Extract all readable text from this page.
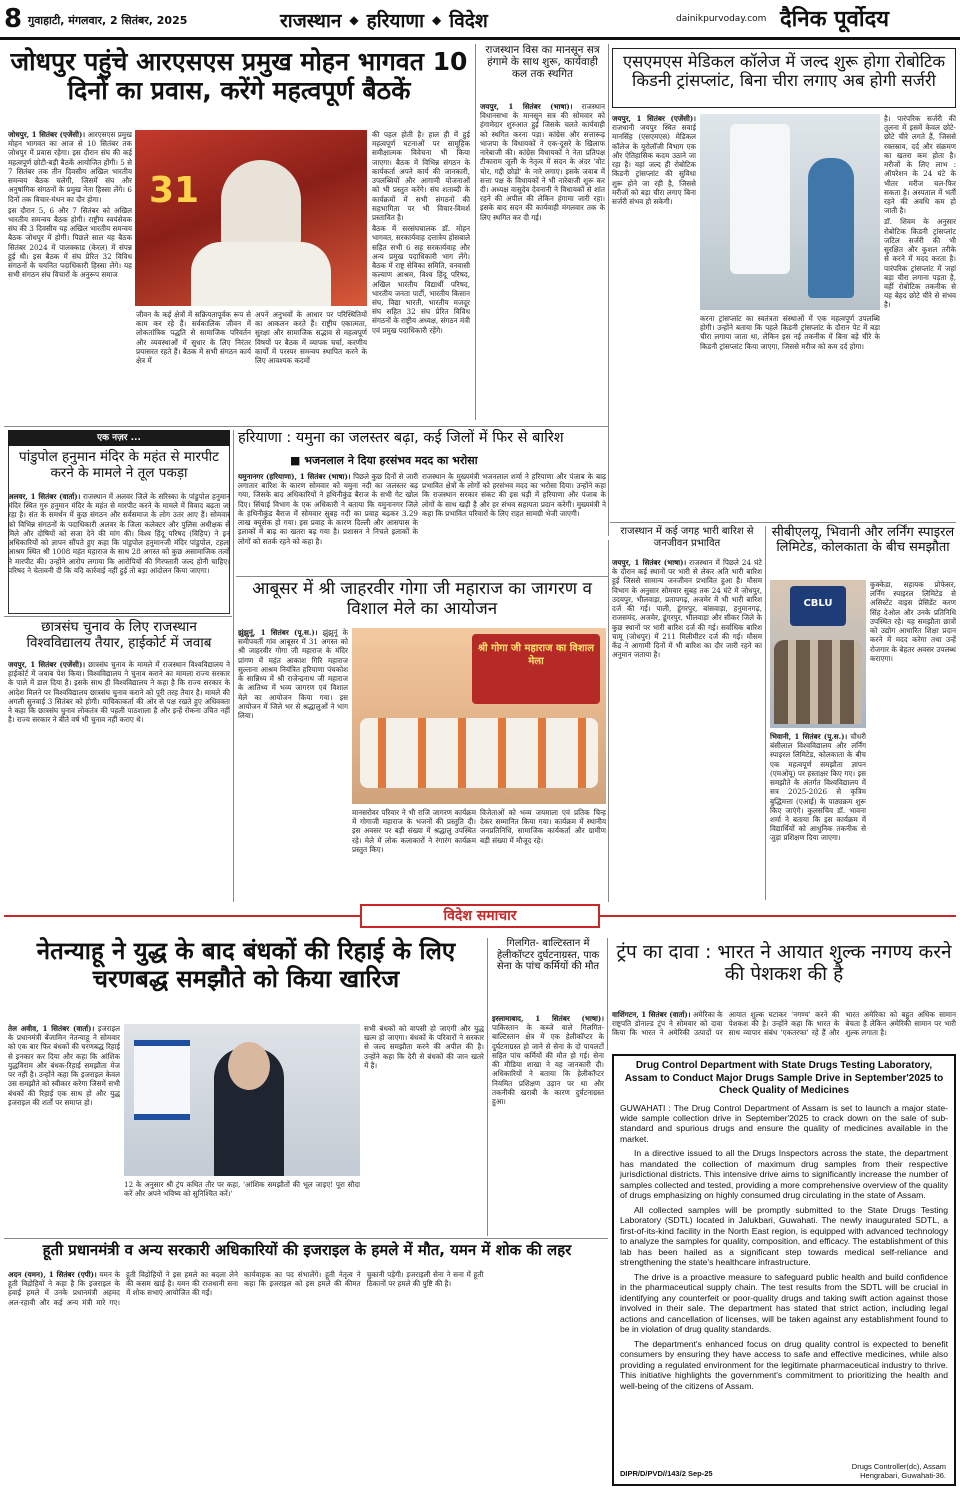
8 गुवाहाटी, मंगलवार, 2 सितंबर, 2025	राजस्थान ◆ हरियाणा ◆ विदेश	dainikpurvoday.com दैनिक पूर्वोदय
जोधपुर पहुंचे आरएसएस प्रमुख मोहन भागवत 10 दिनों का प्रवास, करेंगे महत्वपूर्ण बैठकें
31

जोधपुर, 1 सितंबर (एजेंसी)। आरएसएस प्रमुख मोहन भागवत का आज से 10 सितंबर तक जोधपुर में प्रवास रहेगा। इस दौरान संघ की कई महत्वपूर्ण छोटी-बड़ी बैठकें आयोजित होंगी। 5 से 7 सितंबर तक तीन दिवसीय अखिल भारतीय समन्वय बैठक चलेगी, जिसमें संघ और अनुषांगिक संगठनों के प्रमुख नेता हिस्सा लेंगे। 6 दिनों तक विचार-मंथन का दौर होगा।

इस दौरान 5, 6 और 7 सितंबर को अखिल भारतीय समन्वय बैठक होगी। राष्ट्रीय स्वयंसेवक संघ की 3 दिवसीय यह अखिल भारतीय समन्वय बैठक जोधपुर में होगी। पिछले साल यह बैठक सितंबर 2024 में पालक्काड (केरल) में संपन्न हुई थी। इस बैठक में संघ प्रेरित 32 विविध संगठनों के चयनित पदाधिकारी हिस्सा लेंगे। यह सभी संगठन संघ विचारों के अनुरूप समाज

जीवन के कई क्षेत्रों में सक्रियतापूर्वक रूप से काम कर रहे हैं। सर्वकालिक जीवन में लोकतांत्रिक पद्धति से सामाजिक परिवर्तन और व्यवस्थाओं में सुधार के लिए निरंतर प्रयासरत रहते हैं। बैठक में सभी संगठन कार्य क्षेत्र में

अपने अनुभवों के आधार पर परिस्थितियों का आकलन करते हैं। राष्ट्रीय एकात्मता, सुरक्षा और सामाजिक सद्भाव से महत्वपूर्ण विषयों पर बैठक में व्यापक चर्चा, करणीय कार्यों में परस्पर समन्वय स्थापित करने के लिए आवश्यक कदमों

की पहल होती है। हाल ही में हुई महत्वपूर्ण घटनाओं पर सामूहिक समीक्षात्मक विवेचना भी किया जाएगा। बैठक में विभिन्न संगठन के कार्यकर्ता अपने कार्य की जानकारी, उपलब्धियों और आगामी योजनाओं को भी प्रस्तुत करेंगे। संघ शताब्दी के कार्यक्रमों में सभी संगठनों की सहभागिता पर भी विचार-विमर्श प्रस्तावित है।

बैठक में सरसंघचालक डॉ. मोहन भागवत, सरकार्यवाह दत्तात्रेय होसबाले सहित सभी 6 सह सरकार्यवाह और अन्य प्रमुख पदाधिकारी भाग लेंगे। बैठक में राष्ट्र सेविका समिति, वनवासी कल्याण आश्रम, विश्व हिंदू परिषद, अखिल भारतीय विद्यार्थी परिषद, भारतीय जनता पार्टी, भारतीय किसान संघ, विद्या भारती, भारतीय मजदूर संघ सहित 32 संघ प्रेरित विविध संगठनों के राष्ट्रीय अध्यक्ष, संगठन मंत्री एवं प्रमुख पदाधिकारी रहेंगे।

राजस्थान विस का मानसून सत्र हंगामे के साथ शुरू, कार्यवाही कल तक स्थगित

जयपुर, 1 सितंबर (भाषा)। राजस्थान विधानसभा के मानसून सत्र की सोमवार को हंगामेदार शुरुआत हुई जिसके चलते कार्यवाही को स्थगित करना पड़ा। कांग्रेस और सत्तारूढ़ भाजपा के विधायकों ने एक-दूसरे के खिलाफ नारेबाजी की। कांग्रेस विधायकों ने नेता प्रतिपक्ष टीकाराम जूली के नेतृत्व में सदन के अंदर 'वोट चोर, गद्दी छोड़ो' के नारे लगाए। इसके जवाब में सत्ता पक्ष के विधायकों ने भी नारेबाजी शुरू कर दी। अध्यक्ष वासुदेव देवनानी ने विधायकों से शांत रहने की अपील की लेकिन हंगामा जारी रहा। इसके बाद सदन की कार्यवाही मंगलवार तक के लिए स्थगित कर दी गई।

एसएमएस मेडिकल कॉलेज में जल्द शुरू होगा रोबोटिक किडनी ट्रांसप्लांट, बिना चीरा लगाए अब होगी सर्जरी

जयपुर, 1 सितंबर (एजेंसी)। राजधानी जयपुर स्थित सवाई मानसिंह (एसएमएस) मेडिकल कॉलेज के यूरोलॉजी विभाग एक और ऐतिहासिक कदम उठाने जा रहा है। यहां जल्द ही रोबोटिक किडनी ट्रांसप्लांट की सुविधा शुरू होने जा रही है, जिससे मरीजों को बड़ा चीरा लगाए बिना सर्जरी संभव हो सकेगी।

करना ट्रांसप्लांट का स्वतंत्रता संस्थाओं में एक महत्वपूर्ण उपलब्धि होगी। उन्होंने बताया कि पहले किडनी ट्रांसप्लांट के दौरान पेट में बड़ा चीरा लगाया जाता था, लेकिन इस नई तकनीक में बिना बड़े चीरे के किडनी ट्रांसप्लांट किया जाएगा, जिससे मरीज को कम दर्द होगा।

है। पारंपरिक सर्जरी की तुलना में इसमें केवल छोटे-छोटे चीरे लगते हैं, जिससे रक्तस्राव, दर्द और संक्रमण का खतरा कम होता है। मरीजों के लिए लाभ : ऑपरेशन के 24 घंटे के भीतर मरीज चल-फिर सकता है। अस्पताल में भर्ती रहने की अवधि कम हो जाती है।

डॉ. शिवम के अनुसार रोबोटिक किडनी ट्रांसप्लांट जटिल सर्जरी की भी सुरक्षित और कुशल तरीके से करने में मदद करता है। पारंपरिक ट्रांसप्लांट में जहां बड़ा चीरा लगाना पड़ता है, वहीं रोबोटिक तकनीक से यह बेहद छोटे चीरे से संभव है।

एक नज़र ...
पांडुपोल हनुमान मंदिर के महंत से मारपीट करने के मामले ने तूल पकड़ा

अलवर, 1 सितंबर (वार्ता)। राजस्थान में अलवर जिले के सरिस्का के पांडुपोल हनुमान मंदिर स्थित गुरु हनुमान मंदिर के महंत से मारपीट करने के मामले में विवाद बढ़ता जा रहा है। संत के समर्थन में कुछ संगठन और सर्वसमाज के लोग उतर आए हैं। सोमवार को विभिन्न संगठनों के पदाधिकारी अलवर के जिला कलेक्टर और पुलिस अधीक्षक से मिले और दोषियों को सजा देने की मांग की। विश्व हिंदू परिषद (विहिप) ने इन अधिकारियों को ज्ञापन सौंपते हुए कहा कि पांडुपोल हनुमानजी मंदिर पांडुपोल, टहला आश्रम स्थित श्री 1008 महंत महाराज के साथ 28 अगस्त को कुछ असामाजिक तत्वों ने मारपीट की। उन्होंने आरोप लगाया कि आरोपियों की गिरफ्तारी जल्द होनी चाहिए। परिषद ने चेतावनी दी कि यदि कार्रवाई नहीं हुई तो बड़ा आंदोलन किया जाएगा।

छात्रसंघ चुनाव के लिए राजस्थान विश्वविद्यालय तैयार, हाईकोर्ट में जवाब

जयपुर, 1 सितंबर (एजेंसी)। छात्रसंघ चुनाव के मामले में राजस्थान विश्वविद्यालय ने हाईकोर्ट में जवाब पेश किया। विश्वविद्यालय ने चुनाव कराने का मामला राज्य सरकार के पाले में डाल दिया है। इसके साथ ही विश्वविद्यालय ने कहा है कि राज्य सरकार के आदेश मिलने पर विश्वविद्यालय छात्रसंघ चुनाव कराने को पूरी तरह तैयार है। मामले की अगली सुनवाई 3 सितंबर को होगी। याचिकाकर्ता की ओर से पक्ष रखते हुए अधिवक्ता ने कहा कि छात्रसंघ चुनाव लोकतंत्र की पहली पाठशाला है और इन्हें रोकना उचित नहीं है। राज्य सरकार ने बीते वर्ष भी चुनाव नहीं कराए थे।

हरियाणा : यमुना का जलस्तर बढ़ा, कई जिलों में फिर से बारिश
■ भजनलाल ने दिया हरसंभव मदद का भरोसा

यमुनानगर (हरियाणा), 1 सितंबर (भाषा)। पिछले कुछ दिनों से जारी लगातार बारिश के कारण सोमवार को यमुना नदी का जलस्तर बढ़ गया, जिसके बाद अधिकारियों ने हथिनीकुंड बैराज के सभी गेट खोल दिए। सिंचाई विभाग के एक अधिकारी ने बताया कि यमुनानगर जिले के हथिनीकुंड बैराज में सोमवार सुबह नदी का प्रवाह बढ़कर 3.29 लाख क्यूसेक हो गया। इस प्रवाह के कारण दिल्ली और आसपास के इलाकों में बाढ़ का खतरा बढ़ गया है। प्रशासन ने निचले इलाकों के लोगों को सतर्क रहने को कहा है।

राजस्थान के मुख्यमंत्री भजनलाल शर्मा ने हरियाणा और पंजाब के बाढ़ प्रभावित क्षेत्रों के लोगों को हरसंभव मदद का भरोसा दिया। उन्होंने कहा कि राजस्थान सरकार संकट की इस घड़ी में हरियाणा और पंजाब के लोगों के साथ खड़ी है और हर संभव सहायता प्रदान करेगी। मुख्यमंत्री ने कहा कि प्रभावित परिवारों के लिए राहत सामग्री भेजी जाएगी।

आबूसर में श्री जाहरवीर गोगा जी महाराज का जागरण व विशाल मेले का आयोजन

झुंझुनूं, 1 सितंबर (पू.स.)। झुंझुनूं के समीपवर्ती गांव आबूसर में 31 अगस्त को श्री जाहरवीर गोगा जी महाराज के मंदिर प्रांगण में महंत आकाश गिरि महाराज सुल्ताना आश्रम नियंत्रित हरियाणा पंचकोश के सान्निध्य में श्री राजेन्द्रनाथ जी महाराज के आतिथ्य में भव्य जागरण एवं विशाल मेले का आयोजन किया गया। इस आयोजन में जिले भर से श्रद्धालुओं ने भाग लिया।

श्री गोगा जी महाराज का विशाल मेला

मानसरोवर परिवार ने भी राजि जागरण कार्यक्रम में गोगाजी महाराज के भजनों की प्रस्तुति दी। इस अवसर पर बड़ी संख्या में श्रद्धालु उपस्थित रहे। मेले में लोक कलाकारों ने रंगारंग कार्यक्रम प्रस्तुत किए।

विजेताओं को भव्य जयमाला एवं प्रतिक चिन्ह देकर सम्मानित किया गया। कार्यक्रम में स्थानीय जनप्रतिनिधि, सामाजिक कार्यकर्ता और ग्रामीण बड़ी संख्या में मौजूद रहे।

राजस्थान में कई जगह भारी बारिश से जनजीवन प्रभावित

जयपुर, 1 सितंबर (भाषा)। राजस्थान में पिछले 24 घंटे के दौरान कई स्थानों पर भारी से लेकर अति भारी बारिश हुई जिससे सामान्य जनजीवन प्रभावित हुआ है। मौसम विभाग के अनुसार सोमवार सुबह तक 24 घंटे में जोधपुर, उदयपुर, भीलवाड़ा, प्रतापगढ़, अजमेर में भी भारी बारिश दर्ज की गई। पाली, डूंगरपुर, बांसवाड़ा, हनुमानगढ़, राजसमंद, अजमेर, डूंगरपुर, भीलवाड़ा और सीकर जिले के कुछ स्थानों पर भारी बारिश दर्ज की गई। सर्वाधिक बारिश चामू (जोधपुर) में 211 मिलीमीटर दर्ज की गई। मौसम केंद्र ने आगामी दिनों में भी बारिश का दौर जारी रहने का अनुमान जताया है।

सीबीएलयू, भिवानी और लर्निंग स्पाइरल लिमिटेड, कोलकाता के बीच समझौता
CBLU

कुक्केडा, सहायक प्रोफेसर, लर्निंग स्पाइरल लिमिटेड से असिस्टेंट वाइस प्रेसिडेंट करण सिंह देओल और उनके प्रतिनिधि उपस्थित रहे। यह समझौता छात्रों को उद्योग आधारित शिक्षा प्रदान करने में मदद करेगा तथा उन्हें रोजगार के बेहतर अवसर उपलब्ध कराएगा।

भिवानी, 1 सितंबर (पू.स.)। चौधरी बंसीलाल विश्वविद्यालय और लर्निंग स्पाइरल लिमिटेड, कोलकाता के बीच एक महत्वपूर्ण समझौता ज्ञापन (एमओयू) पर हस्ताक्षर किए गए। इस समझौते के अंतर्गत विश्वविद्यालय में सत्र 2025-2026 से कृत्रिम बुद्धिमत्ता (एआई) के पाठ्यक्रम शुरू किए जाएंगे। कुलसचिव डॉ. भावना शर्मा ने बताया कि इस कार्यक्रम में विद्यार्थियों को आधुनिक तकनीक से जुड़ा प्रशिक्षण दिया जाएगा।

विदेश समाचार
नेतन्याहू ने युद्ध के बाद बंधकों की रिहाई के लिए चरणबद्ध समझौते को किया खारिज

तेल अवीव, 1 सितंबर (वार्ता)। इजराइल के प्रधानमंत्री बेंजामिन नेतन्याहू ने सोमवार को एक बार फिर बंधकों की चरणबद्ध रिहाई से इनकार कर दिया और कहा कि आंशिक युद्धविराम और बंधक-रिहाई समझौता मेज पर नहीं है। उन्होंने कहा कि इजराइल केवल उस समझौते को स्वीकार करेगा जिसमें सभी बंधकों की रिहाई एक साथ हो और युद्ध इजराइल की शर्तों पर समाप्त हो।

12 के अनुसार श्री ट्रंप कथित तौर पर कहा, 'आंशिक समझौतों की भूल जाइए! पूरा सौदा करें और अपने भविष्य को सुनिश्चित करें।'

सभी बंधकों को वापसी हो जाएगी और युद्ध खत्म हो जाएगा। बंधकों के परिवारों ने सरकार से जल्द समझौता करने की अपील की है। उन्होंने कहा कि देरी से बंधकों की जान खतरे में है।

गिलगित- बाल्टिस्तान में हेलीकॉप्टर दुर्घटनाग्रस्त, पाक सेना के पांच कर्मियों की मौत

इस्लामाबाद, 1 सितंबर (भाषा)। पाकिस्तान के कब्जे वाले गिलगित-बाल्टिस्तान क्षेत्र में एक हेलीकॉप्टर के दुर्घटनाग्रस्त हो जाने से सेना के दो पायलटों सहित पांच कर्मियों की मौत हो गई। सेना की मीडिया शाखा ने यह जानकारी दी। अधिकारियों ने बताया कि हेलीकॉप्टर नियमित प्रशिक्षण उड़ान पर था और तकनीकी खराबी के कारण दुर्घटनाग्रस्त हुआ।

ट्रंप का दावा : भारत ने आयात शुल्क नगण्य करने की पेशकश की है

वाशिंगटन, 1 सितंबर (वार्ता)। अमेरिका के राष्ट्रपति डोनाल्ड ट्रंप ने सोमवार को दावा किया कि भारत ने अमेरिकी उत्पादों पर आयात शुल्क घटाकर 'नगण्य' करने की पेशकश की है। उन्होंने कहा कि भारत के साथ व्यापार संबंध 'एकतरफा' रहे हैं और भारत अमेरिका को बहुत अधिक सामान बेचता है लेकिन अमेरिकी सामान पर भारी शुल्क लगाता है।

Drug Control Department with State Drugs Testing Laboratory, Assam to Conduct Major Drugs Sample Drive in September'2025 to Check Quality of Medicines

GUWAHATI : The Drug Control Department of Assam is set to launch a major state-wide sample collection drive in September'2025 to crack down on the sale of sub-standard and spurious drugs and ensure the quality of medicines available in the market.

In a directive issued to all the Drugs Inspectors across the state, the department has mandated the collection of maximum drug samples from their respective jurisdictional districts. This intensive drive aims to significantly increase the number of samples collected and tested, providing a more comprehensive overview of the quality of drugs emphasizing on highly consumed drug circulating in the state of Assam.

All collected samples will be promptly submitted to the State Drugs Testing Laboratory (SDTL) located in Jalukbari, Guwahati. The newly inaugurated SDTL, a first-of-its-kind facility in the North East region, is equipped with advanced technology to analyze the samples for quality, composition, and efficacy. The establishment of this lab has been hailed as a significant step towards medical self-reliance and strengthening the state's healthcare infrastructure.

The drive is a proactive measure to safeguard public health and build confidence in the pharmaceutical supply chain. The test results from the SDTL will be crucial in identifying any counterfeit or poor-quality drugs and taking swift action against those involved in their sale. The department has stated that strict action, including legal actions and cancellation of licenses, will be taken against any establishment found to be in violation of drug quality standards.

The department's enhanced focus on drug quality control is expected to benefit consumers by ensuring they have access to safe and effective medicines, while also providing a regulated environment for the legitimate pharmaceutical industry to thrive. This initiative highlights the government's commitment to prioritizing the health and well-being of the citizens of Assam.

DIPR/D/PVD//143/2 Sep-25
Drugs Controller(dc), Assam
Hengrabari, Guwahati-36.
हूती प्रधानमंत्री व अन्य सरकारी अधिकारियों की इजराइल के हमले में मौत, यमन में शोक की लहर

अदन (यमन), 1 सितंबर (एपी)। यमन के हूती विद्रोहियों ने कहा है कि इजराइल के हवाई हमले में उनके प्रधानमंत्री अहमद अल-रहावी और कई अन्य मंत्री मारे गए। हूती विद्रोहियों ने इस हमले का बदला लेने की कसम खाई है। यमन की राजधानी सना में शोक सभाएं आयोजित की गईं।

कार्यवाहक का पद संभालेंगे। हूती नेतृत्व ने कहा कि इजराइल को इस हमले की कीमत चुकानी पड़ेगी। इजराइली सेना ने सना में हूती ठिकानों पर हमले की पुष्टि की है।
